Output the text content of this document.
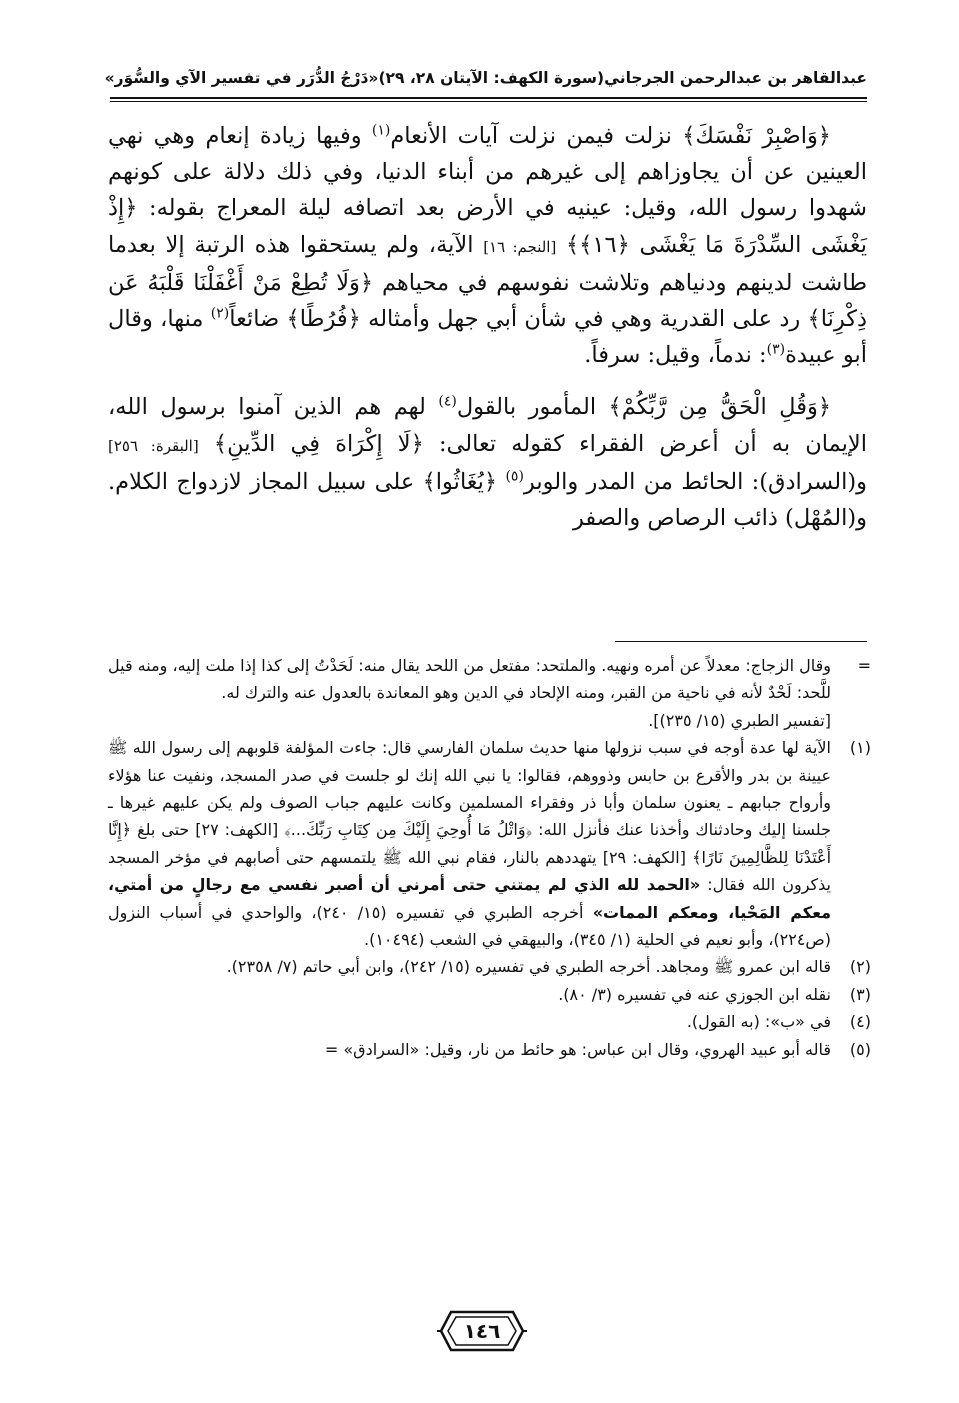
عبدالقاهر بن عبدالرحمن الجرجاني
(سورة الكهف: الآيتان ٢٨، ٢٩)
«دَرْجُ الدُّرَر في تفسير الآي والسُّوَر»

﴿وَاصْبِرْ نَفْسَكَ﴾ نزلت فيمن نزلت آيات الأنعام$^{(١)}$ وفيها زيادة إنعام وهي نهي العينين عن أن يجاوزاهم إلى غيرهم من أبناء الدنيا، وفي ذلك دلالة على كونهم شهدوا رسول الله، وقيل: عينيه في الأرض بعد اتصافه ليلة المعراج بقوله: ﴿إِذْ يَغْشَى السِّدْرَةَ مَا يَغْشَى ﴿١٦﴾﴾ [النجم: ١٦] الآية، ولم يستحقوا هذه الرتبة إلا بعدما طاشت لدينهم ودنياهم وتلاشت نفوسهم في محياهم ﴿وَلَا تُطِعْ مَنْ أَغْفَلْنَا قَلْبَهُ عَن ذِكْرِنَا﴾ رد على القدرية وهي في شأن أبي جهل وأمثاله ﴿فُرُطًا﴾ ضائعاً$^{(٢)}$ منها، وقال أبو عبيدة$^{(٣)}$: ندماً، وقيل: سرفاً.

﴿وَقُلِ الْحَقُّ مِن رَّبِّكُمْ﴾ المأمور بالقول$^{(٤)}$ لهم هم الذين آمنوا برسول الله، الإيمان به أن أعرض الفقراء كقوله تعالى: ﴿لَا إِكْرَاهَ فِي الدِّينِ﴾ [البقرة: ٢٥٦] و(السرادق): الحائط من المدر والوبر$^{(٥)}$ ﴿يُغَاثُوا﴾ على سبيل المجاز لازدواج الكلام. و(المُهْل) ذائب الرصاص والصفر

=

وقال الزجاج: معدلاً عن أمره ونهيه. والملتحد: مفتعل من اللحد يقال منه: لَحَدْتُ إلى كذا إذا ملت إليه، ومنه قيل للَّحد: لَحْدٌ لأنه في ناحية من القبر، ومنه الإلحاد في الدين وهو المعاندة بالعدول عنه والترك له.

[تفسير الطبري (١٥/ ٢٣٥)].

(١)

الآية لها عدة أوجه في سبب نزولها منها حديث سلمان الفارسي قال: جاءت المؤلفة قلوبهم إلى رسول الله ﷺ عيينة بن بدر والأقرع بن حابس وذووهم، فقالوا: يا نبي الله إنك لو جلست في صدر المسجد، ونفيت عنا هؤلاء وأرواح جبابهم ـ يعنون سلمان وأبا ذر وفقراء المسلمين وكانت عليهم جباب الصوف ولم يكن عليهم غيرها ـ جلسنا إليك وحادثناك وأخذنا عنك فأنزل الله: ﴿وَاتْلُ مَا أُوحِيَ إِلَيْكَ مِن كِتَابِ رَبِّكَ...﴾ [الكهف: ٢٧] حتى بلغ ﴿إِنَّا أَعْتَدْنَا لِلظَّالِمِينَ نَارًا﴾ [الكهف: ٢٩] يتهددهم بالنار، فقام نبي الله ﷺ يلتمسهم حتى أصابهم في مؤخر المسجد يذكرون الله فقال: «الحمد لله الذي لم يمتني حتى أمرني أن أصبر نفسي مع رجالٍ من أمتي، معكم المَحْيا، ومعكم الممات» أخرجه الطبري في تفسيره (١٥/ ٢٤٠)، والواحدي في أسباب النزول (ص٢٢٤)، وأبو نعيم في الحلية (١/ ٣٤٥)، والبيهقي في الشعب (١٠٤٩٤).

(٢)

قاله ابن عمرو ﷺ ومجاهد. أخرجه الطبري في تفسيره (١٥/ ٢٤٢)، وابن أبي حاتم (٧/ ٢٣٥٨).

(٣)

نقله ابن الجوزي عنه في تفسيره (٣/ ٨٠).

(٤)

في «ب»: (به القول).

(٥)

قاله أبو عبيد الهروي، وقال ابن عباس: هو حائط من نار، وقيل: «السرادق» =

١٤٦
